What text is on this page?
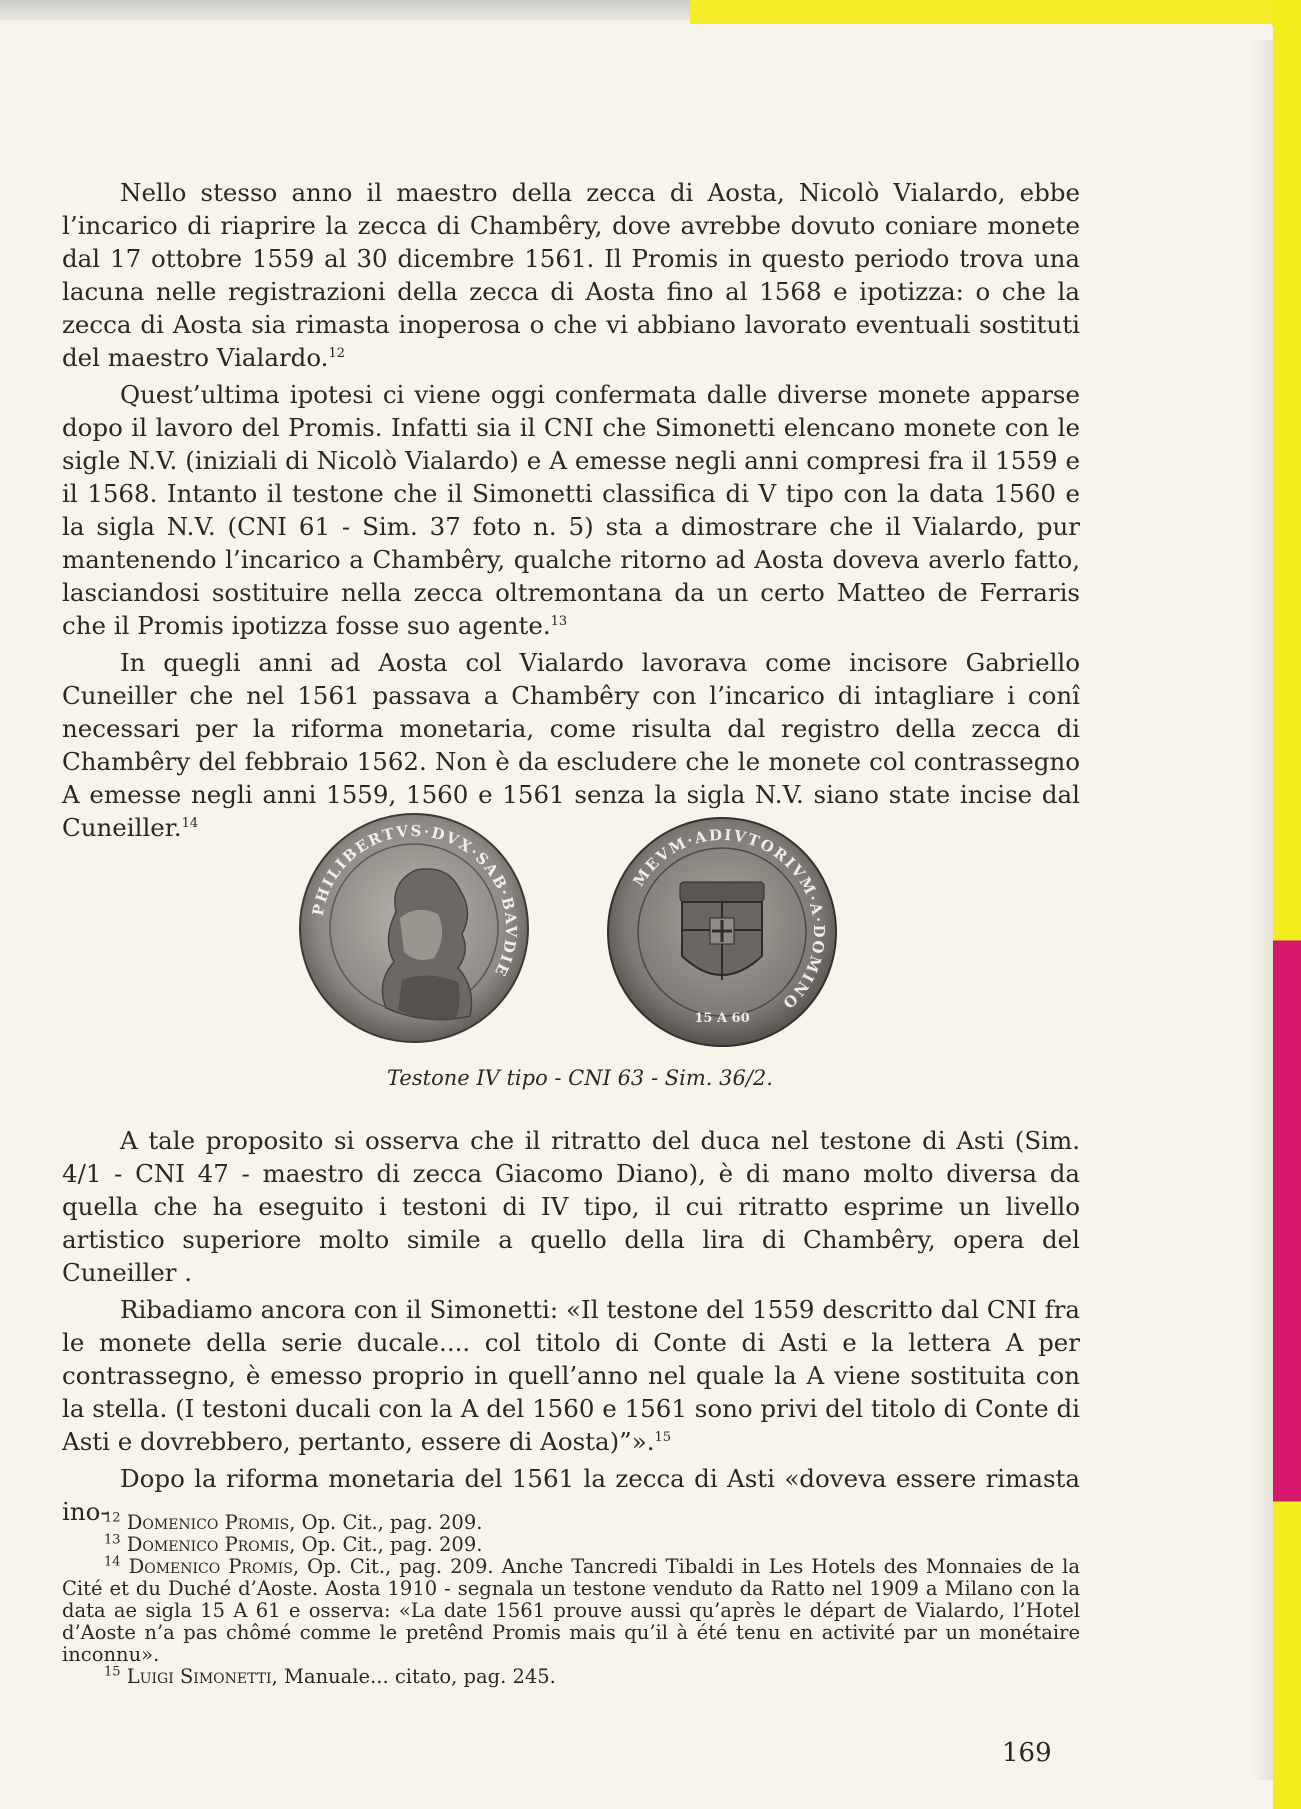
Nello stesso anno il maestro della zecca di Aosta, Nicolò Vialardo, ebbe l’incarico di riaprire la zecca di Chambêry, dove avrebbe dovuto coniare monete dal 17 ottobre 1559 al 30 dicembre 1561. Il Promis in questo periodo trova una lacuna nelle registrazioni della zecca di Aosta fino al 1568 e ipotizza: o che la zecca di Aosta sia rimasta inoperosa o che vi abbiano lavorato eventuali sostituti del maestro Vialardo.$^{12}$

Quest’ultima ipotesi ci viene oggi confermata dalle diverse monete apparse dopo il lavoro del Promis. Infatti sia il CNI che Simonetti elencano monete con le sigle N.V. (iniziali di Nicolò Vialardo) e A emesse negli anni compresi fra il 1559 e il 1568. Intanto il testone che il Simonetti classifica di V tipo con la data 1560 e la sigla N.V. (CNI 61 - Sim. 37 foto n. 5) sta a dimostrare che il Vialardo, pur mantenendo l’incarico a Chambêry, qualche ritorno ad Aosta doveva averlo fatto, lasciandosi sostituire nella zecca oltremontana da un certo Matteo de Ferraris che il Promis ipotizza fosse suo agente.$^{13}$

In quegli anni ad Aosta col Vialardo lavorava come incisore Gabriello Cuneiller che nel 1561 passava a Chambêry con l’incarico di intagliare i conî necessari per la riforma monetaria, come risulta dal registro della zecca di Chambêry del febbraio 1562. Non è da escludere che le monete col contrassegno A emesse negli anni 1559, 1560 e 1561 senza la sigla N.V. siano state incise dal Cuneiller.$^{14}$

PHILIBERTVS·DVX·SAB·BAVDIE
MEVM·ADIVTORIVM·A·DOMINO
15 A 60
Testone IV tipo - CNI 63 - Sim. 36/2.

A tale proposito si osserva che il ritratto del duca nel testone di Asti (Sim. 4/1 - CNI 47 - maestro di zecca Giacomo Diano), è di mano molto diversa da quella che ha eseguito i testoni di IV tipo, il cui ritratto esprime un livello artistico superiore molto simile a quello della lira di Chambêry, opera del Cuneiller .

Ribadiamo ancora con il Simonetti: «Il testone del 1559 descritto dal CNI fra le monete della serie ducale.... col titolo di Conte di Asti e la lettera A per contrassegno, è emesso proprio in quell’anno nel quale la A viene sostituita con la stella. (I testoni ducali con la A del 1560 e 1561 sono privi del titolo di Conte di Asti e dovrebbero, pertanto, essere di Aosta)”».$^{15}$

Dopo la riforma monetaria del 1561 la zecca di Asti «doveva essere rimasta ino-

$^{12}$ Domenico Promis, Op. Cit., pag. 209.
$^{13}$ Domenico Promis, Op. Cit., pag. 209.
$^{14}$ Domenico Promis, Op. Cit., pag. 209. Anche Tancredi Tibaldi in Les Hotels des Monnaies de la Cité et du Duché d’Aoste. Aosta 1910 - segnala un testone venduto da Ratto nel 1909 a Milano con la data ae sigla 15 A 61 e osserva: «La date 1561 prouve aussi qu’après le départ de Vialardo, l’Hotel d’Aoste n’a pas chômé comme le pretênd Promis mais qu’il à été tenu en activité par un monétaire inconnu».
$^{15}$ Luigi Simonetti, Manuale... citato, pag. 245.
169
